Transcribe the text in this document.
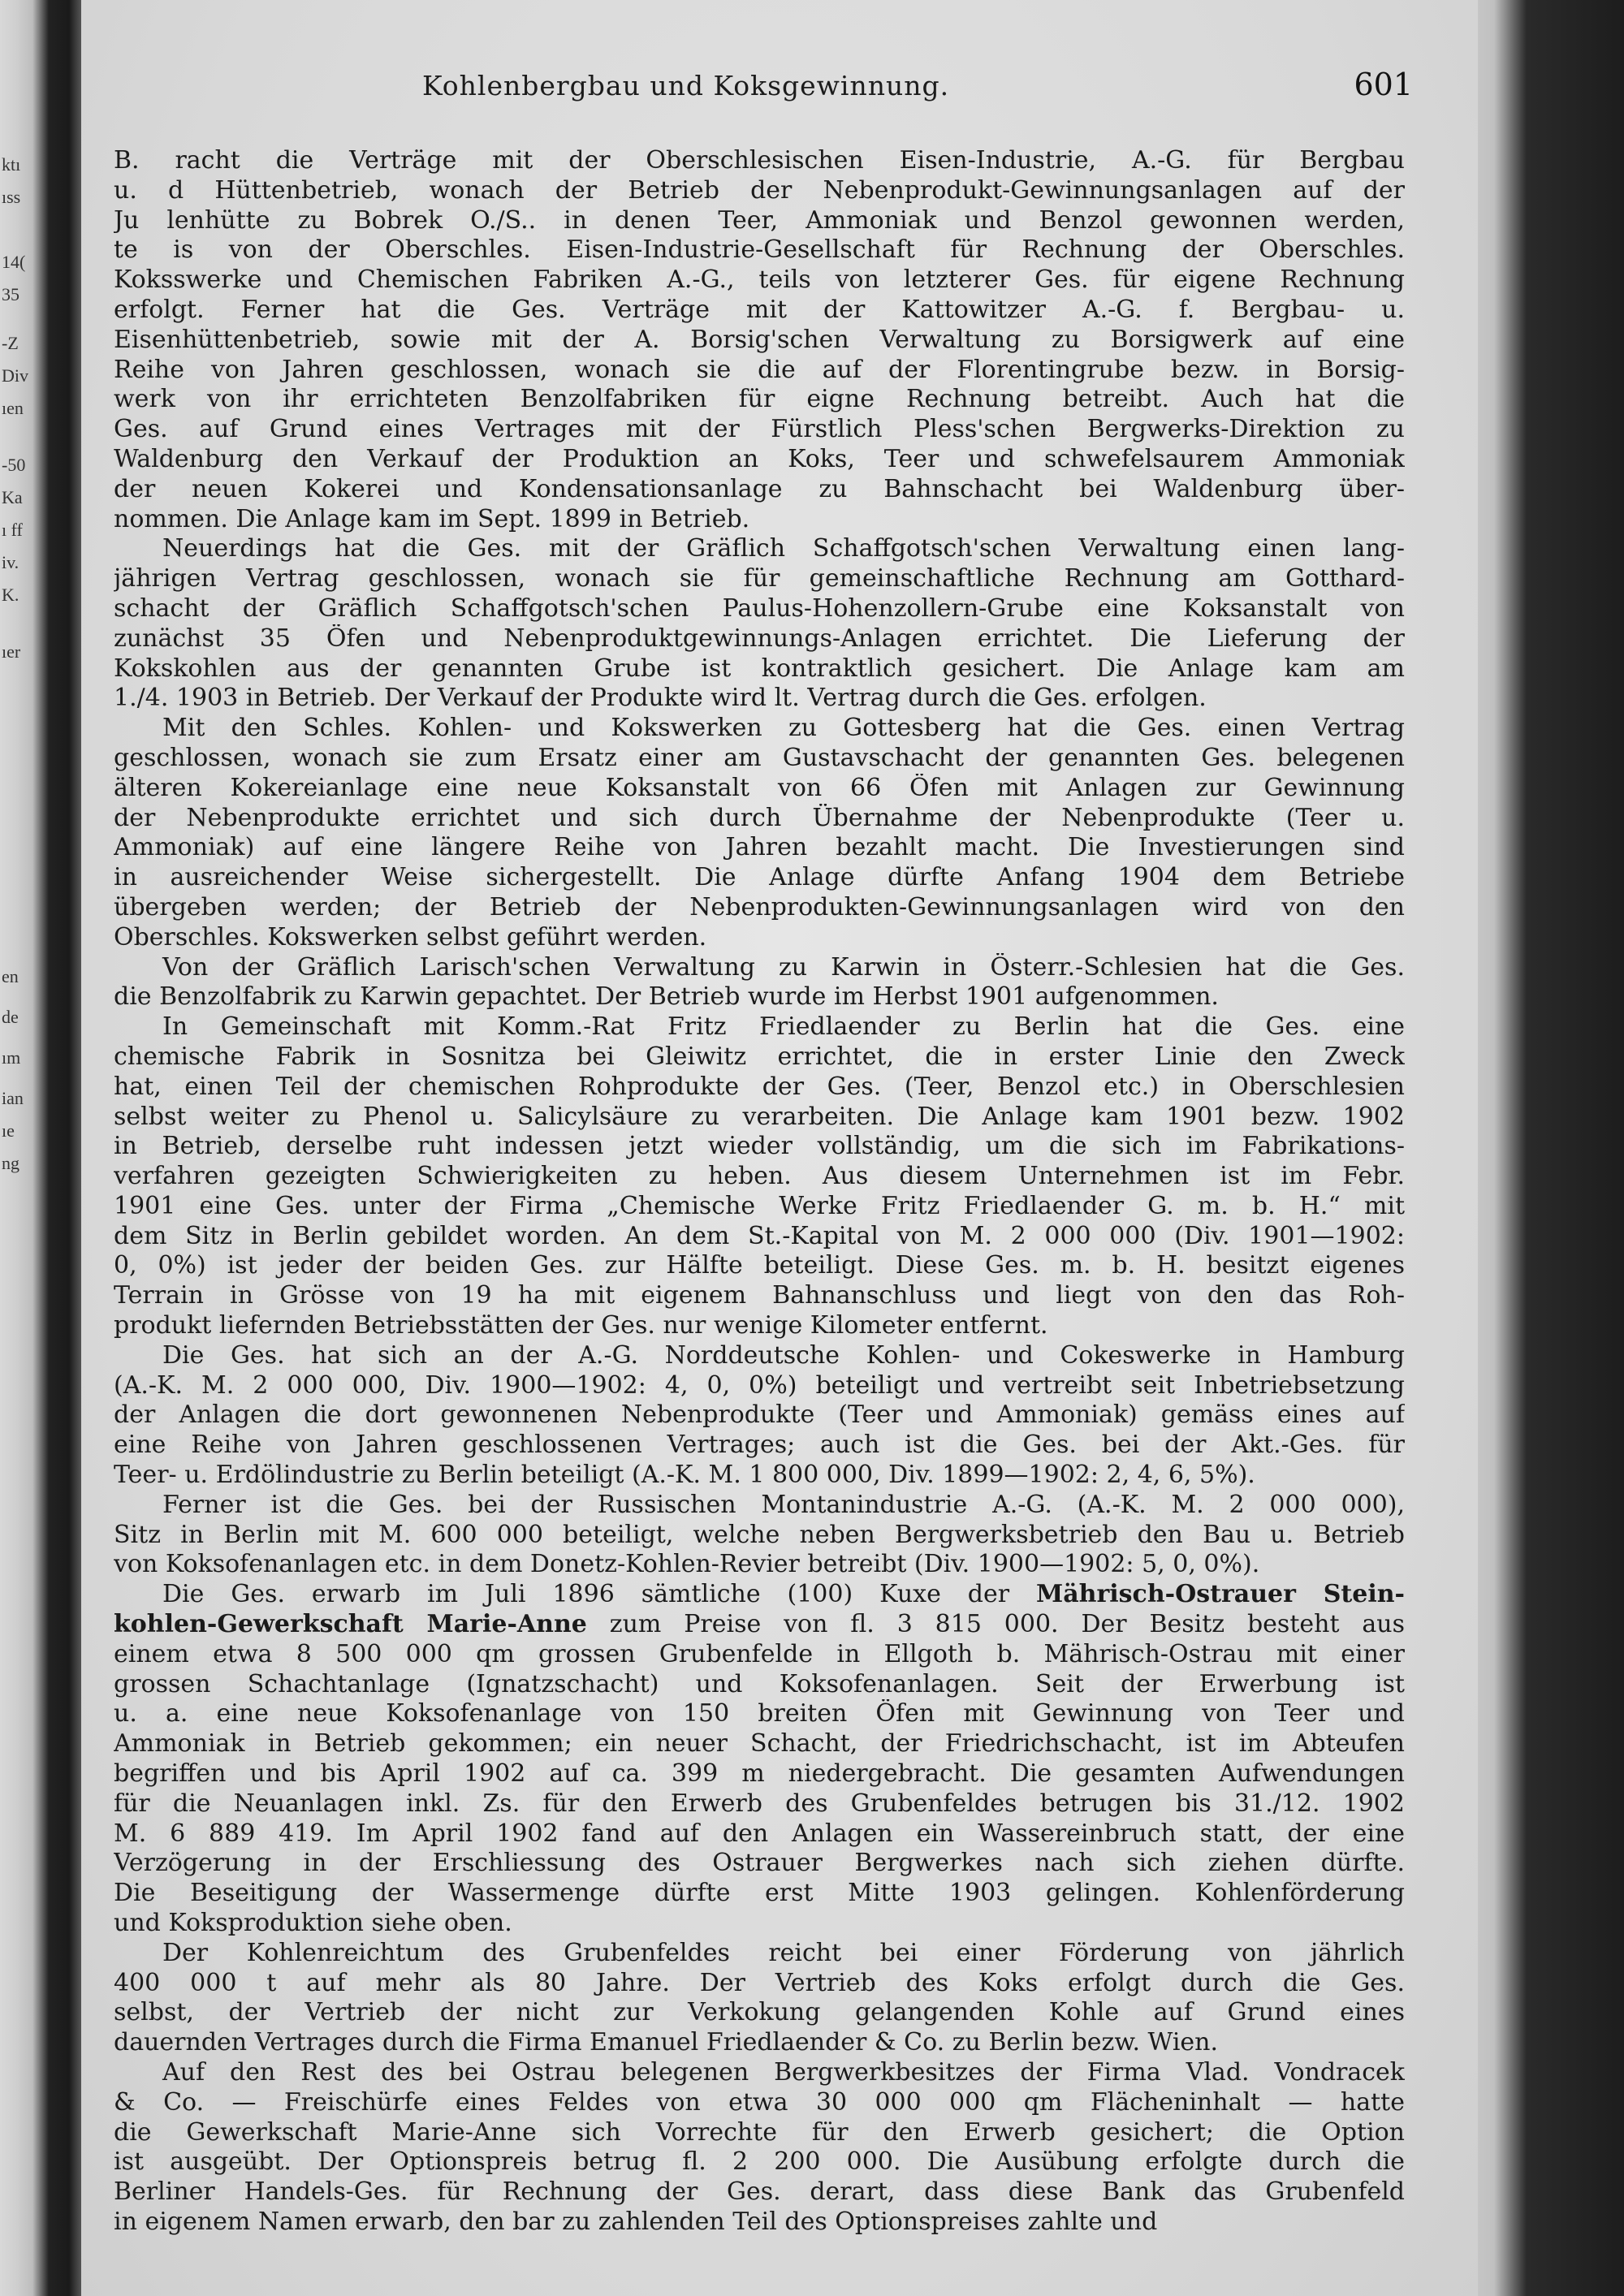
ktı
ıss
14(
35
-Z
Div
ıen
-50
Ka
ı ff
iv.
K.
ıer
en
de
ım
ian
ıe
ng
Kohlenbergbau und Koksgewinnung.	601
B. racht die Verträge mit der Oberschlesischen Eisen-Industrie, A.-G. für Bergbau
u. d Hüttenbetrieb, wonach der Betrieb der Nebenprodukt-Gewinnungsanlagen auf der
Ju lenhütte zu Bobrek O./S.. in denen Teer, Ammoniak und Benzol gewonnen werden,
te is von der Oberschles. Eisen-Industrie-Gesellschaft für Rechnung der Oberschles.
Koksswerke und Chemischen Fabriken A.-G., teils von letzterer Ges. für eigene Rechnung
erfolgt. Ferner hat die Ges. Verträge mit der Kattowitzer A.-G. f. Bergbau- u.
Eisenhüttenbetrieb, sowie mit der A. Borsig'schen Verwaltung zu Borsigwerk auf eine
Reihe von Jahren geschlossen, wonach sie die auf der Florentingrube bezw. in Borsig-
werk von ihr errichteten Benzolfabriken für eigne Rechnung betreibt. Auch hat die
Ges. auf Grund eines Vertrages mit der Fürstlich Pless'schen Bergwerks-Direktion zu
Waldenburg den Verkauf der Produktion an Koks, Teer und schwefelsaurem Ammoniak
der neuen Kokerei und Kondensationsanlage zu Bahnschacht bei Waldenburg über-
nommen. Die Anlage kam im Sept. 1899 in Betrieb.
Neuerdings hat die Ges. mit der Gräflich Schaffgotsch'schen Verwaltung einen lang-
jährigen Vertrag geschlossen, wonach sie für gemeinschaftliche Rechnung am Gotthard-
schacht der Gräflich Schaffgotsch'schen Paulus-Hohenzollern-Grube eine Koksanstalt von
zunächst 35 Öfen und Nebenproduktgewinnungs-Anlagen errichtet. Die Lieferung der
Kokskohlen aus der genannten Grube ist kontraktlich gesichert. Die Anlage kam am
1./4. 1903 in Betrieb. Der Verkauf der Produkte wird lt. Vertrag durch die Ges. erfolgen.
Mit den Schles. Kohlen- und Kokswerken zu Gottesberg hat die Ges. einen Vertrag
geschlossen, wonach sie zum Ersatz einer am Gustavschacht der genannten Ges. belegenen
älteren Kokereianlage eine neue Koksanstalt von 66 Öfen mit Anlagen zur Gewinnung
der Nebenprodukte errichtet und sich durch Übernahme der Nebenprodukte (Teer u.
Ammoniak) auf eine längere Reihe von Jahren bezahlt macht. Die Investierungen sind
in ausreichender Weise sichergestellt. Die Anlage dürfte Anfang 1904 dem Betriebe
übergeben werden; der Betrieb der Nebenprodukten-Gewinnungsanlagen wird von den
Oberschles. Kokswerken selbst geführt werden.
Von der Gräflich Larisch'schen Verwaltung zu Karwin in Österr.-Schlesien hat die Ges.
die Benzolfabrik zu Karwin gepachtet. Der Betrieb wurde im Herbst 1901 aufgenommen.
In Gemeinschaft mit Komm.-Rat Fritz Friedlaender zu Berlin hat die Ges. eine
chemische Fabrik in Sosnitza bei Gleiwitz errichtet, die in erster Linie den Zweck
hat, einen Teil der chemischen Rohprodukte der Ges. (Teer, Benzol etc.) in Oberschlesien
selbst weiter zu Phenol u. Salicylsäure zu verarbeiten. Die Anlage kam 1901 bezw. 1902
in Betrieb, derselbe ruht indessen jetzt wieder vollständig, um die sich im Fabrikations-
verfahren gezeigten Schwierigkeiten zu heben. Aus diesem Unternehmen ist im Febr.
1901 eine Ges. unter der Firma „Chemische Werke Fritz Friedlaender G. m. b. H.“ mit
dem Sitz in Berlin gebildet worden. An dem St.-Kapital von M. 2 000 000 (Div. 1901—1902:
0, 0%) ist jeder der beiden Ges. zur Hälfte beteiligt. Diese Ges. m. b. H. besitzt eigenes
Terrain in Grösse von 19 ha mit eigenem Bahnanschluss und liegt von den das Roh-
produkt liefernden Betriebsstätten der Ges. nur wenige Kilometer entfernt.
Die Ges. hat sich an der A.-G. Norddeutsche Kohlen- und Cokeswerke in Hamburg
(A.-K. M. 2 000 000, Div. 1900—1902: 4, 0, 0%) beteiligt und vertreibt seit Inbetriebsetzung
der Anlagen die dort gewonnenen Nebenprodukte (Teer und Ammoniak) gemäss eines auf
eine Reihe von Jahren geschlossenen Vertrages; auch ist die Ges. bei der Akt.-Ges. für
Teer- u. Erdölindustrie zu Berlin beteiligt (A.-K. M. 1 800 000, Div. 1899—1902: 2, 4, 6, 5%).
Ferner ist die Ges. bei der Russischen Montanindustrie A.-G. (A.-K. M. 2 000 000),
Sitz in Berlin mit M. 600 000 beteiligt, welche neben Bergwerksbetrieb den Bau u. Betrieb
von Koksofenanlagen etc. in dem Donetz-Kohlen-Revier betreibt (Div. 1900—1902: 5, 0, 0%).
Die Ges. erwarb im Juli 1896 sämtliche (100) Kuxe der Mährisch-Ostrauer Stein-
kohlen-Gewerkschaft Marie-Anne zum Preise von fl. 3 815 000. Der Besitz besteht aus
einem etwa 8 500 000 qm grossen Grubenfelde in Ellgoth b. Mährisch-Ostrau mit einer
grossen Schachtanlage (Ignatzschacht) und Koksofenanlagen. Seit der Erwerbung ist
u. a. eine neue Koksofenanlage von 150 breiten Öfen mit Gewinnung von Teer und
Ammoniak in Betrieb gekommen; ein neuer Schacht, der Friedrichschacht, ist im Abteufen
begriffen und bis April 1902 auf ca. 399 m niedergebracht. Die gesamten Aufwendungen
für die Neuanlagen inkl. Zs. für den Erwerb des Grubenfeldes betrugen bis 31./12. 1902
M. 6 889 419. Im April 1902 fand auf den Anlagen ein Wassereinbruch statt, der eine
Verzögerung in der Erschliessung des Ostrauer Bergwerkes nach sich ziehen dürfte.
Die Beseitigung der Wassermenge dürfte erst Mitte 1903 gelingen. Kohlenförderung
und Koksproduktion siehe oben.
Der Kohlenreichtum des Grubenfeldes reicht bei einer Förderung von jährlich
400 000 t auf mehr als 80 Jahre. Der Vertrieb des Koks erfolgt durch die Ges.
selbst, der Vertrieb der nicht zur Verkokung gelangenden Kohle auf Grund eines
dauernden Vertrages durch die Firma Emanuel Friedlaender & Co. zu Berlin bezw. Wien.
Auf den Rest des bei Ostrau belegenen Bergwerkbesitzes der Firma Vlad. Vondracek
& Co. — Freischürfe eines Feldes von etwa 30 000 000 qm Flächeninhalt — hatte
die Gewerkschaft Marie-Anne sich Vorrechte für den Erwerb gesichert; die Option
ist ausgeübt. Der Optionspreis betrug fl. 2 200 000. Die Ausübung erfolgte durch die
Berliner Handels-Ges. für Rechnung der Ges. derart, dass diese Bank das Grubenfeld
in eigenem Namen erwarb, den bar zu zahlenden Teil des Optionspreises zahlte und
